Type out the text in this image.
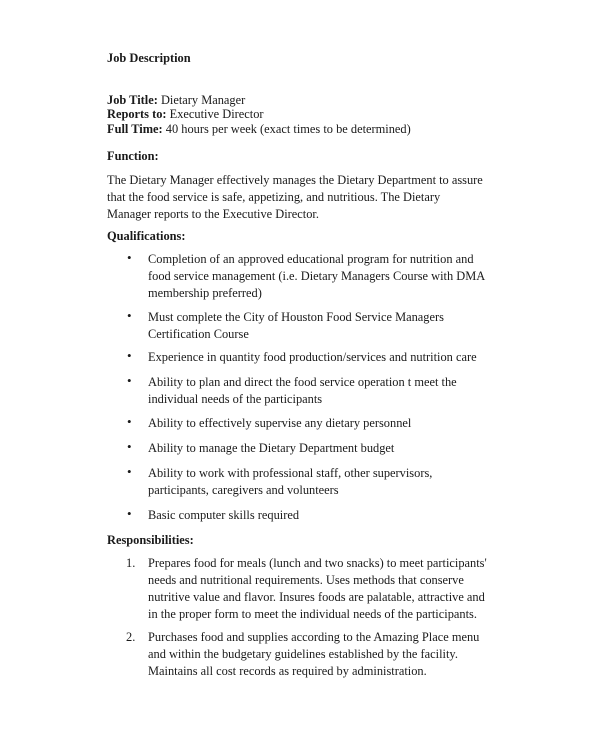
Job Description
Job Title: Dietary Manager
Reports to: Executive Director
Full Time: 40 hours per week (exact times to be determined)
Function:
The Dietary Manager effectively manages the Dietary Department to assure
that the food service is safe, appetizing, and nutritious. The Dietary
Manager reports to the Executive Director.
Qualifications:
• Completion of an approved educational program for nutrition and
food service management (i.e. Dietary Managers Course with DMA
membership preferred)
• Must complete the City of Houston Food Service Managers
Certification Course
• Experience in quantity food production/services and nutrition care
• Ability to plan and direct the food service operation t meet the
individual needs of the participants
• Ability to effectively supervise any dietary personnel
• Ability to manage the Dietary Department budget
• Ability to work with professional staff, other supervisors,
participants, caregivers and volunteers
• Basic computer skills required
Responsibilities:
1. Prepares food for meals (lunch and two snacks) to meet participants'
needs and nutritional requirements. Uses methods that conserve
nutritive value and flavor. Insures foods are palatable, attractive and
in the proper form to meet the individual needs of the participants.
2. Purchases food and supplies according to the Amazing Place menu
and within the budgetary guidelines established by the facility.
Maintains all cost records as required by administration.
